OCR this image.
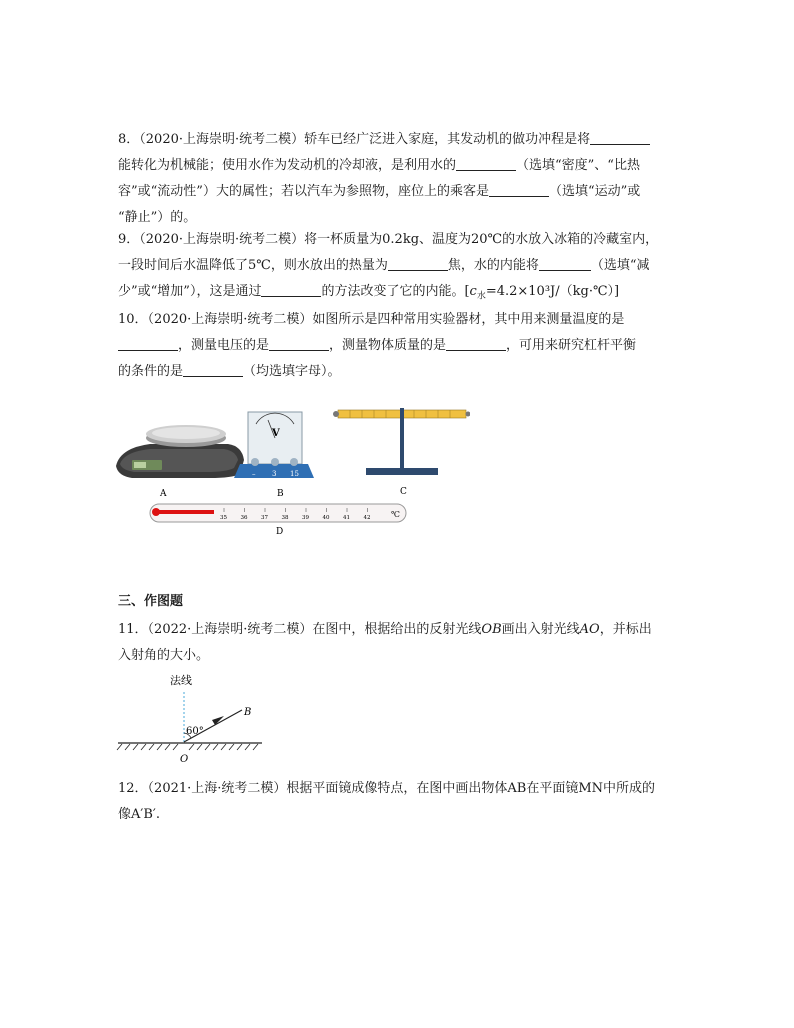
8．（2020·上海崇明·统考二模）轿车已经广泛进入家庭，其发动机的做功冲程是将
能转化为机械能；使用水作为发动机的冷却液，是利用水的	（选填“密度”、“比热
容”或“流动性”）大的属性；若以汽车为参照物，座位上的乘客是	（选填“运动”或
“静止”）的。
9．（2020·上海崇明·统考二模）将一杯质量为0.2kg、温度为20℃的水放入冰箱的冷藏室内，
一段时间后水温降低了5℃，则水放出的热量为	焦，水的内能将	（选填“减
少”或“增加”），这是通过	的方法改变了它的内能。$[c_水=4.2\times 10^3J/(kg\cdot℃)]$
10．（2020·上海崇明·统考二模）如图所示是四种常用实验器材，其中用来测量温度的是
，测量电压的是	，测量物体质量的是	，可用来研究杠杆平衡
的条件的是	（均选填字母）。
A
V
– 3 15
B	C
35 36 37 38 39 40 41 42	℃
D
三、作图题
11．（2022·上海崇明·统考二模）在图中，根据给出的反射光线OB画出入射光线AO，并标出
入射角的大小。
法线
60°
B
O
12．（2021·上海·统考二模）根据平面镜成像特点，在图中画出物体AB在平面镜MN中所成的
像A′B′.
